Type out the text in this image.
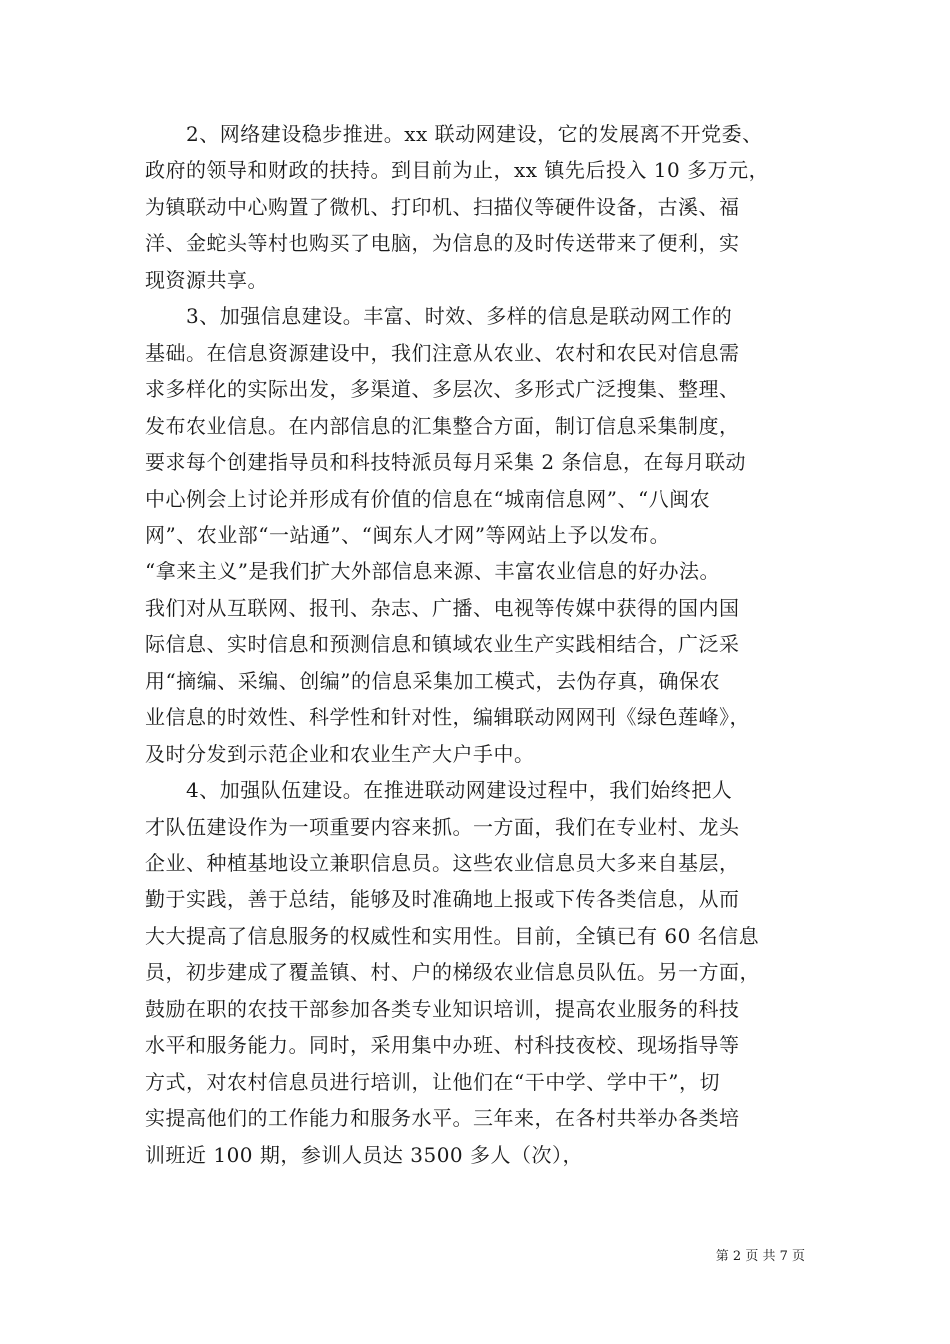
　　2、网络建设稳步推进。xx 联动网建设，它的发展离不开党委、
政府的领导和财政的扶持。到目前为止，xx 镇先后投入 10 多万元，
为镇联动中心购置了微机、打印机、扫描仪等硬件设备，古溪、福
洋、金蛇头等村也购买了电脑，为信息的及时传送带来了便利，实
现资源共享。
　　3、加强信息建设。丰富、时效、多样的信息是联动网工作的
基础。在信息资源建设中，我们注意从农业、农村和农民对信息需
求多样化的实际出发，多渠道、多层次、多形式广泛搜集、整理、
发布农业信息。在内部信息的汇集整合方面，制订信息采集制度，
要求每个创建指导员和科技特派员每月采集 2 条信息，在每月联动
中心例会上讨论并形成有价值的信息在“城南信息网”、“八闽农
网”、农业部“一站通”、“闽东人才网”等网站上予以发布。
“拿来主义”是我们扩大外部信息来源、丰富农业信息的好办法。
我们对从互联网、报刊、杂志、广播、电视等传媒中获得的国内国
际信息、实时信息和预测信息和镇域农业生产实践相结合，广泛采
用“摘编、采编、创编”的信息采集加工模式，去伪存真，确保农
业信息的时效性、科学性和针对性，编辑联动网网刊《绿色莲峰》，
及时分发到示范企业和农业生产大户手中。
　　4、加强队伍建设。在推进联动网建设过程中，我们始终把人
才队伍建设作为一项重要内容来抓。一方面，我们在专业村、龙头
企业、种植基地设立兼职信息员。这些农业信息员大多来自基层，
勤于实践，善于总结，能够及时准确地上报或下传各类信息，从而
大大提高了信息服务的权威性和实用性。目前，全镇已有 60 名信息
员，初步建成了覆盖镇、村、户的梯级农业信息员队伍。另一方面，
鼓励在职的农技干部参加各类专业知识培训，提高农业服务的科技
水平和服务能力。同时，采用集中办班、村科技夜校、现场指导等
方式，对农村信息员进行培训，让他们在“干中学、学中干”，切
实提高他们的工作能力和服务水平。三年来，在各村共举办各类培
训班近 100 期，参训人员达 3500 多人（次），
第 2 页 共 7 页
